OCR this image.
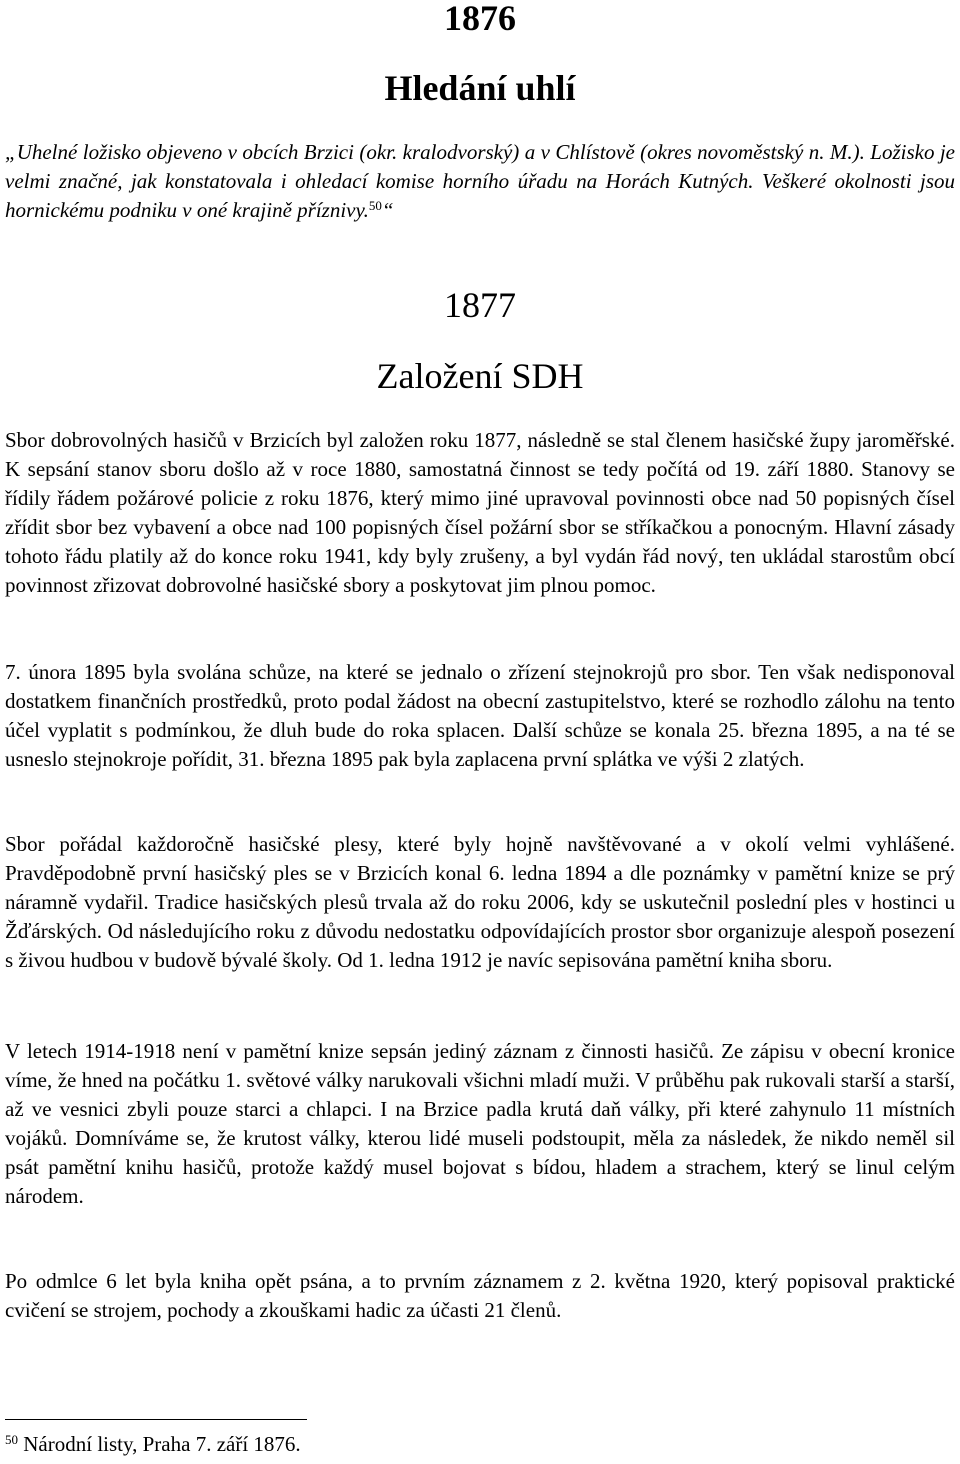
1876
Hledání uhlí

„Uhelné ložisko objeveno v obcích Brzici (okr. kralodvorský) a v Chlístově (okres novoměstský n. M.). Ložisko je velmi značné, jak konstatovala i ohledací komise horního úřadu na Horách Kutných. Veškeré okolnosti jsou hornickému podniku v oné krajině příznivy.$^{50}$“

1877
Založení SDH

Sbor dobrovolných hasičů v Brzicích byl založen roku 1877, následně se stal členem hasičské župy jaroměřské. K sepsání stanov sboru došlo až v roce 1880, samostatná činnost se tedy počítá od 19. září 1880. Stanovy se řídily řádem požárové policie z roku 1876, který mimo jiné upravoval povinnosti obce nad 50 popisných čísel zřídit sbor bez vybavení a obce nad 100 popisných čísel požární sbor se stříkačkou a ponocným. Hlavní zásady tohoto řádu platily až do konce roku 1941, kdy byly zrušeny, a byl vydán řád nový, ten ukládal starostům obcí povinnost zřizovat dobrovolné hasičské sbory a poskytovat jim plnou pomoc.

7. února 1895 byla svolána schůze, na které se jednalo o zřízení stejnokrojů pro sbor. Ten však nedisponoval dostatkem finančních prostředků, proto podal žádost na obecní zastupitelstvo, které se rozhodlo zálohu na tento účel vyplatit s podmínkou, že dluh bude do roka splacen. Další schůze se konala 25. března 1895, a na té se usneslo stejnokroje pořídit, 31. března 1895 pak byla zaplacena první splátka ve výši 2 zlatých.

Sbor pořádal každoročně hasičské plesy, které byly hojně navštěvované a v okolí velmi vyhlášené. Pravděpodobně první hasičský ples se v Brzicích konal 6. ledna 1894 a dle poznámky v pamětní knize se prý náramně vydařil. Tradice hasičských plesů trvala až do roku 2006, kdy se uskutečnil poslední ples v hostinci u Žďárských. Od následujícího roku z důvodu nedostatku odpovídajících prostor sbor organizuje alespoň posezení s živou hudbou v budově bývalé školy. Od 1. ledna 1912 je navíc sepisována pamětní kniha sboru.

V letech 1914-1918 není v pamětní knize sepsán jediný záznam z činnosti hasičů. Ze zápisu v obecní kronice víme, že hned na počátku 1. světové války narukovali všichni mladí muži. V průběhu pak rukovali starší a starší, až ve vesnici zbyli pouze starci a chlapci. I na Brzice padla krutá daň války, při které zahynulo 11 místních vojáků. Domníváme se, že krutost války, kterou lidé museli podstoupit, měla za následek, že nikdo neměl sil psát pamětní knihu hasičů, protože každý musel bojovat s bídou, hladem a strachem, který se linul celým národem.

Po odmlce 6 let byla kniha opět psána, a to prvním záznamem z 2. května 1920, který popisoval praktické cvičení se strojem, pochody a zkouškami hadic za účasti 21 členů.

$^{50}$ Národní listy, Praha 7. září 1876.
